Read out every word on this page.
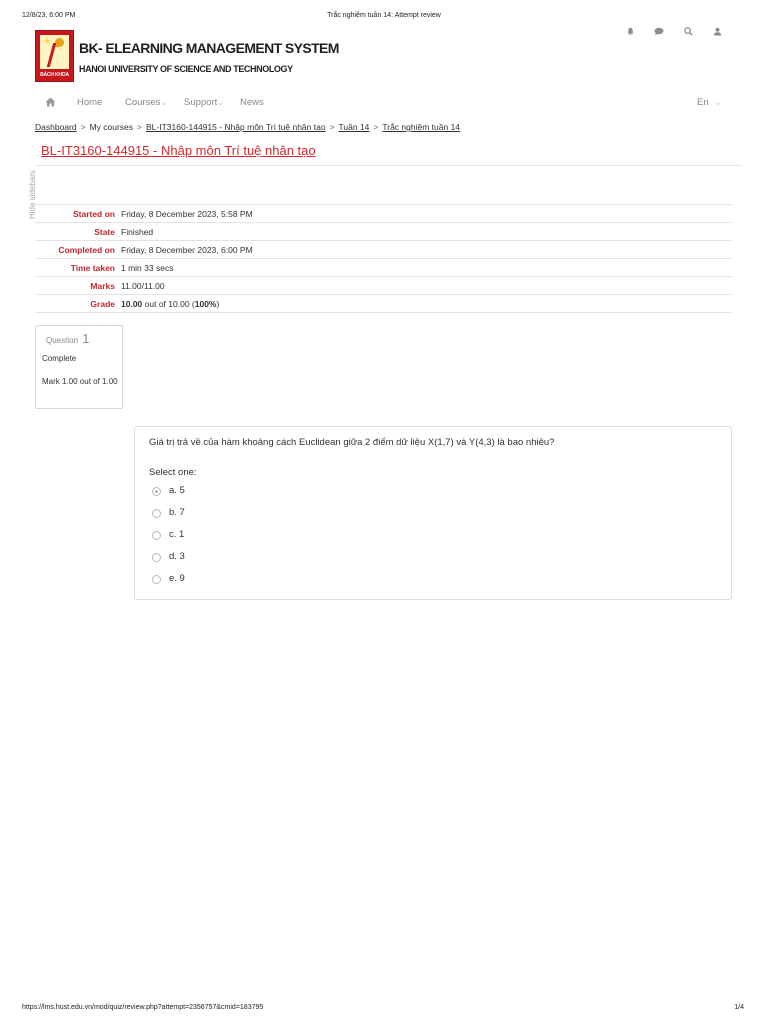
12/8/23, 6:00 PM	Trắc nghiệm tuần 14: Attempt review
★
BÁCH KHOA
BK- ELEARNING MANAGEMENT SYSTEM
HANOI UNIVERSITY OF SCIENCE AND TECHNOLOGY
Home Courses⌵ Support⌵ News	En ⌵
Dashboard > My courses > BL-IT3160-144915 - Nhập môn Trí tuệ nhân tạo > Tuần 14 > Trắc nghiệm tuần 14
BL-IT3160-144915 - Nhập môn Trí tuệ nhân tạo
Hide sidebars	Started on	Friday, 8 December 2023, 5:58 PM
State	Finished
Completed on	Friday, 8 December 2023, 6:00 PM
Time taken	1 min 33 secs
Marks	11.00/11.00
Grade	10.00 out of 10.00 (100%)
Question 1
Complete
Mark 1.00 out of 1.00
Giá trị trả về của hàm khoảng cách Euclidean giữa 2 điểm dữ liệu X(1,7) và Y(4,3) là bao nhiêu?
Select one:
a. 5
b. 7
c. 1
d. 3
e. 9
https://lms.hust.edu.vn/mod/quiz/review.php?attempt=2356757&cmid=183795	1/4
